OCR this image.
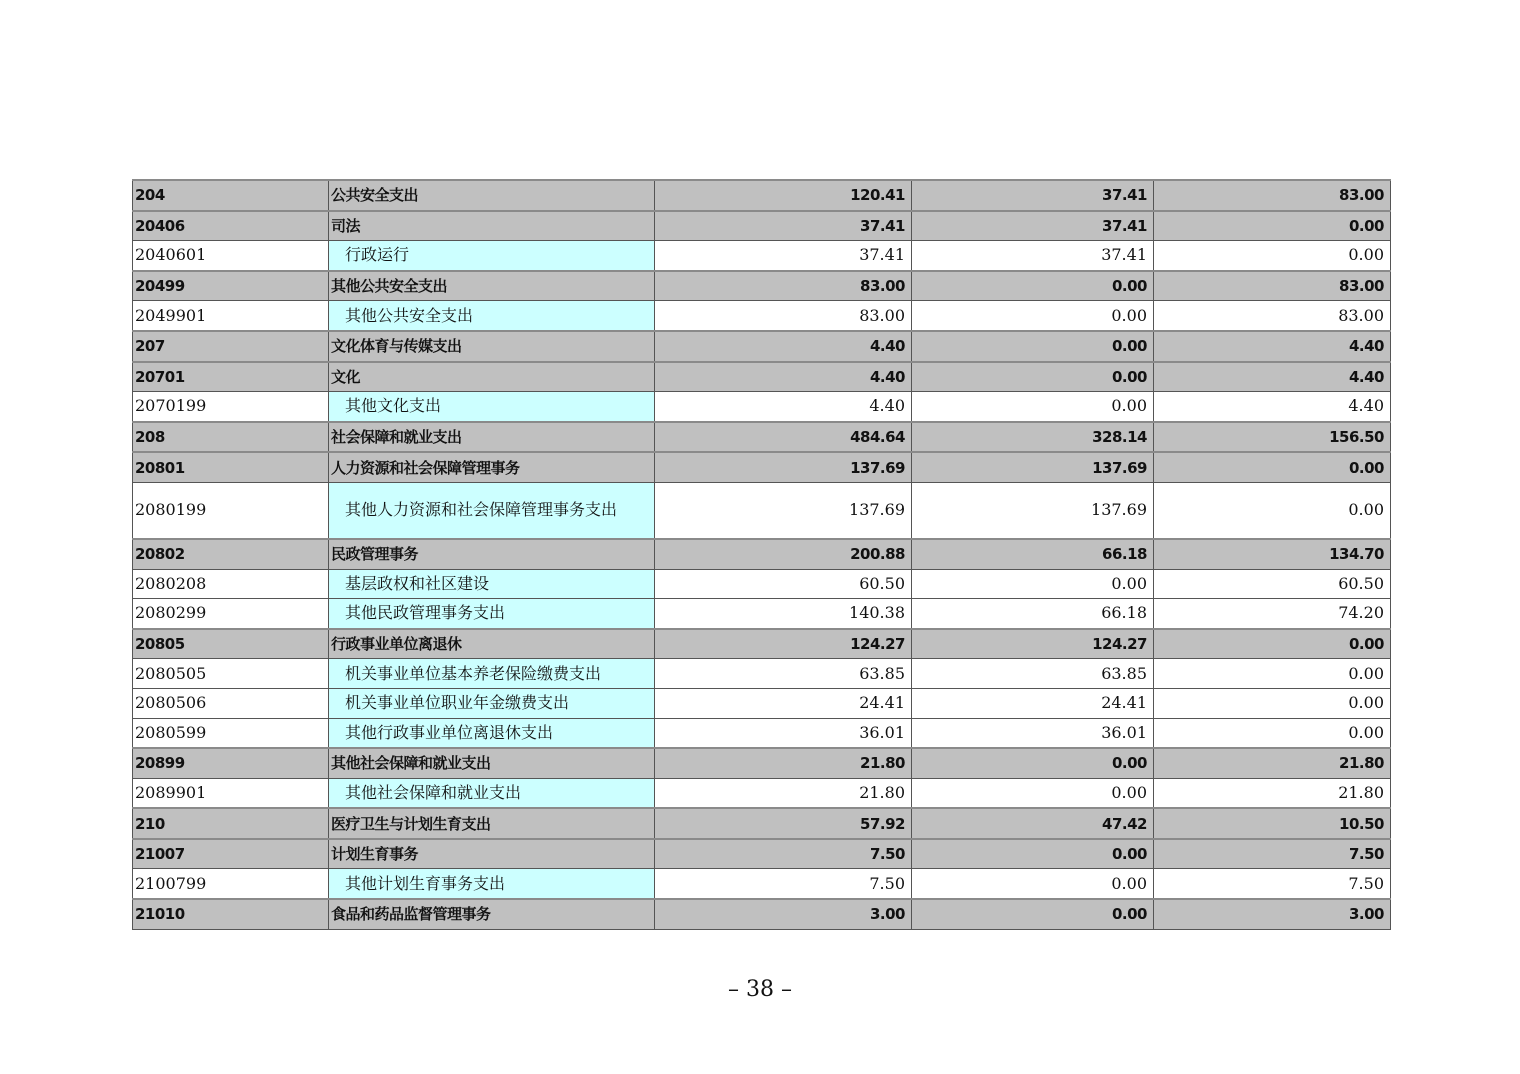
204	公共安全支出	120.41	37.41	83.00
20406	司法	37.41	37.41	0.00
2040601	行政运行	37.41	37.41	0.00
20499	其他公共安全支出	83.00	0.00	83.00
2049901	其他公共安全支出	83.00	0.00	83.00
207	文化体育与传媒支出	4.40	0.00	4.40
20701	文化	4.40	0.00	4.40
2070199	其他文化支出	4.40	0.00	4.40
208	社会保障和就业支出	484.64	328.14	156.50
20801	人力资源和社会保障管理事务	137.69	137.69	0.00
2080199	其他人力资源和社会保障管理事务支出	137.69	137.69	0.00
20802	民政管理事务	200.88	66.18	134.70
2080208	基层政权和社区建设	60.50	0.00	60.50
2080299	其他民政管理事务支出	140.38	66.18	74.20
20805	行政事业单位离退休	124.27	124.27	0.00
2080505	机关事业单位基本养老保险缴费支出	63.85	63.85	0.00
2080506	机关事业单位职业年金缴费支出	24.41	24.41	0.00
2080599	其他行政事业单位离退休支出	36.01	36.01	0.00
20899	其他社会保障和就业支出	21.80	0.00	21.80
2089901	其他社会保障和就业支出	21.80	0.00	21.80
210	医疗卫生与计划生育支出	57.92	47.42	10.50
21007	计划生育事务	7.50	0.00	7.50
2100799	其他计划生育事务支出	7.50	0.00	7.50
21010	食品和药品监督管理事务	3.00	0.00	3.00
– 38 –
